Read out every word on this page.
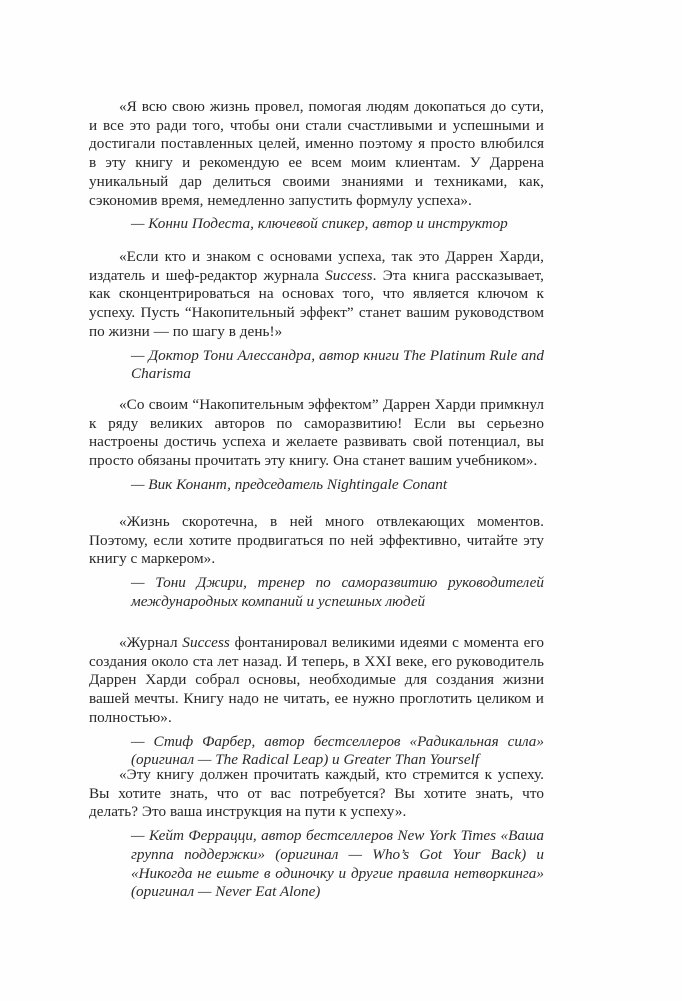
«Я всю свою жизнь провел, помогая людям докопаться до сути, и все это ради того, чтобы они стали счастливыми и успешными и достигали поставленных целей, именно поэтому я просто влюбился в эту книгу и рекомендую ее всем моим клиентам. У Даррена уникальный дар делиться своими знаниями и техниками, как, сэкономив время, немедленно запустить формулу успеха».

— Конни Подеста, ключевой спикер, автор и инструктор

«Если кто и знаком с основами успеха, так это Даррен Харди, издатель и шеф-редактор журнала Success. Эта книга рассказывает, как сконцентрироваться на основах того, что является ключом к успеху. Пусть “Накопительный эффект” станет вашим руководством по жизни — по шагу в день!»

— Доктор Тони Алессандра, автор книги The Platinum Rule and Charisma

«Со своим “Накопительным эффектом” Даррен Харди примкнул к ряду великих авторов по саморазвитию! Если вы серьезно настроены достичь успеха и желаете развивать свой потенциал, вы просто обязаны прочитать эту книгу. Она станет вашим учебником».

— Вик Конант, председатель Nightingale Conant

«Жизнь скоротечна, в ней много отвлекающих моментов. Поэтому, если хотите продвигаться по ней эффективно, читайте эту книгу с маркером».

— Тони Джири, тренер по саморазвитию руководителей международных компаний и успешных людей

«Журнал Success фонтанировал великими идеями с момента его создания около ста лет назад. И теперь, в XXI веке, его руководитель Даррен Харди собрал основы, необходимые для создания жизни вашей мечты. Книгу надо не читать, ее нужно проглотить целиком и полностью».

— Стиф Фарбер, автор бестселлеров «Радикальная сила» (оригинал — The Radical Leap) и Greater Than Yourself

«Эту книгу должен прочитать каждый, кто стремится к успеху. Вы хотите знать, что от вас потребуется? Вы хотите знать, что делать? Это ваша инструкция на пути к успеху».

— Кейт Феррацци, автор бестселлеров New York Times «Ваша группа поддержки» (оригинал — Who’s Got Your Back) и «Никогда не ешьте в одиночку и другие правила нетворкинга» (оригинал — Never Eat Alone)
